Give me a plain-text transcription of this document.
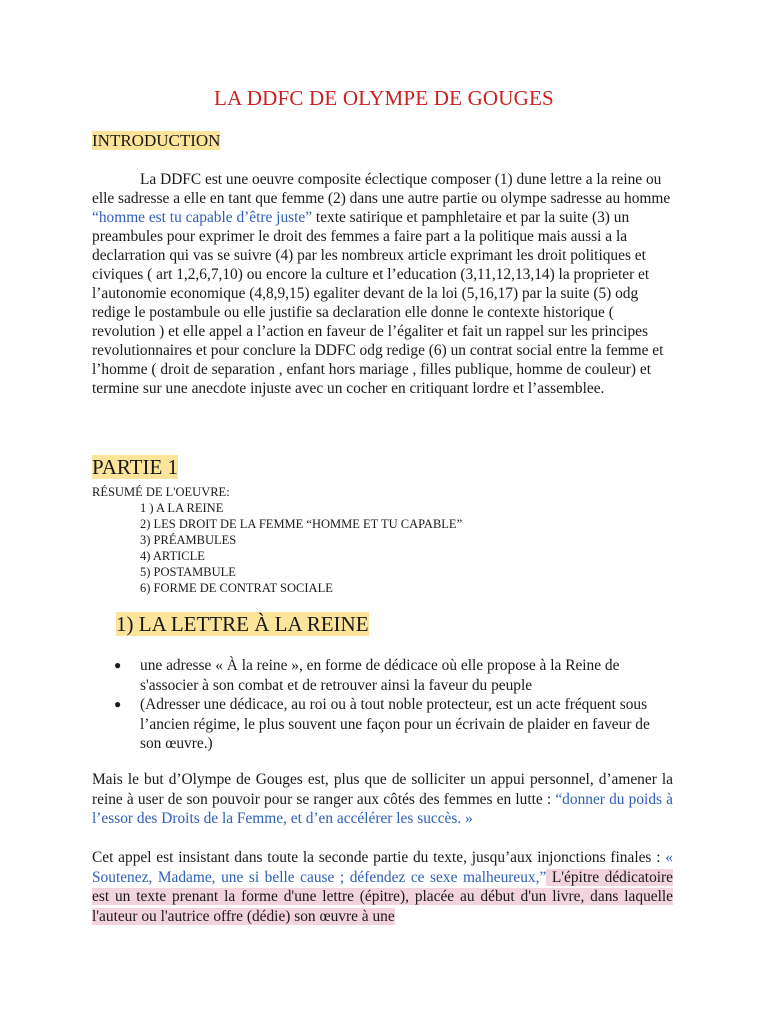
LA DDFC DE OLYMPE DE GOUGES
INTRODUCTION

La DDFC est une oeuvre composite éclectique composer (1) dune lettre a la reine ou elle sadresse a elle en tant que femme (2) dans une autre partie ou olympe sadresse au homme “homme est tu capable d’être juste” texte satirique et pamphletaire et par la suite (3) un preambules pour exprimer le droit des femmes a faire part a la politique mais aussi a la declarration qui vas se suivre (4) par les nombreux article exprimant les droit politiques et civiques ( art 1,2,6,7,10) ou encore la culture et l’education (3,11,12,13,14) la proprieter et l’autonomie economique (4,8,9,15) egaliter devant de la loi (5,16,17) par la suite (5) odg redige le postambule ou elle justifie sa declaration elle donne le contexte historique ( revolution ) et elle appel a l’action en faveur de l’égaliter et fait un rappel sur les principes revolutionnaires et pour conclure la DDFC odg redige (6) un contrat social entre la femme et l’homme ( droit de separation , enfant hors mariage , filles publique, homme de couleur) et termine sur une anecdote injuste avec un cocher en critiquant lordre et l’assemblee.

PARTIE 1
RÉSUMÉ DE L'OEUVRE:
1 ) A LA REINE
2) LES DROIT DE LA FEMME “HOMME ET TU CAPABLE”
3) PRÉAMBULES
4) ARTICLE
5) POSTAMBULE
6) FORME DE CONTRAT SOCIALE
1) LA LETTRE À LA REINE
● une adresse « À la reine », en forme de dédicace où elle propose à la Reine de s'associer à son combat et de retrouver ainsi la faveur du peuple
● (Adresser une dédicace, au roi ou à tout noble protecteur, est un acte fréquent sous l’ancien régime, le plus souvent une façon pour un écrivain de plaider en faveur de son œuvre.)

Mais le but d’Olympe de Gouges est, plus que de solliciter un appui personnel, d’amener la reine à user de son pouvoir pour se ranger aux côtés des femmes en lutte : “donner du poids à l’essor des Droits de la Femme, et d’en accélérer les succès. »

Cet appel est insistant dans toute la seconde partie du texte, jusqu’aux injonctions finales : « Soutenez, Madame, une si belle cause ; défendez ce sexe malheureux,” L'épitre dédicatoire est un texte prenant la forme d'une lettre (épitre), placée au début d'un livre, dans laquelle l'auteur ou l'autrice offre (dédie) son œuvre à une
